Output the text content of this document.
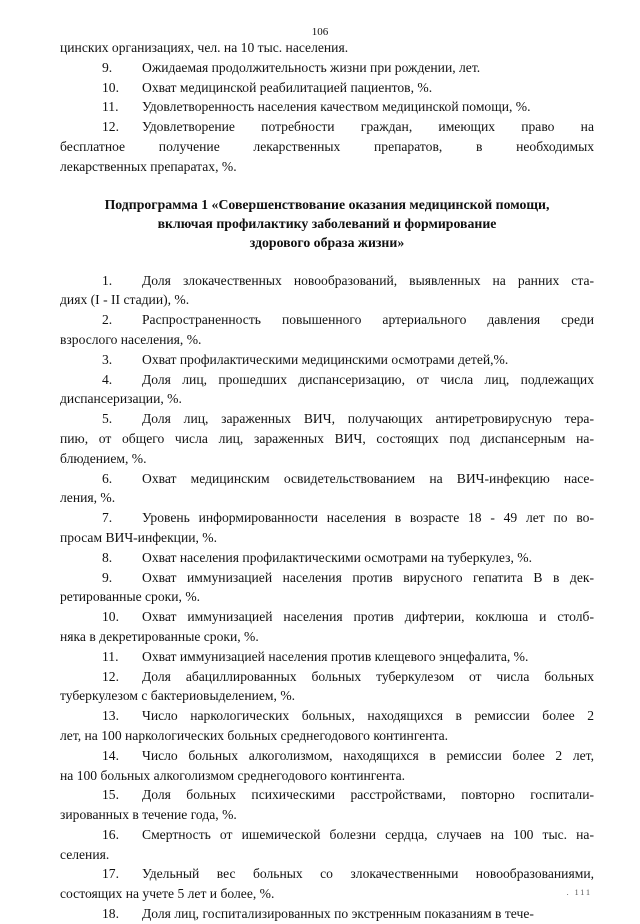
106
цинских организациях, чел. на 10 тыс. населения.
9. Ожидаемая продолжительность жизни при рождении, лет.
10. Охват медицинской реабилитацией пациентов, %.
11. Удовлетворенность населения качеством медицинской помощи, %.
12. Удовлетворение потребности граждан, имеющих право на
бесплатное получение лекарственных препаратов, в необходимых
лекарственных препаратах, %.
Подпрограмма 1 «Совершенствование оказания медицинской помощи,
включая профилактику заболеваний и формирование
здорового образа жизни»
1. Доля злокачественных новообразований, выявленных на ранних ста-
диях (I - II стадии), %.
2. Распространенность повышенного артериального давления среди
взрослого населения, %.
3. Охват профилактическими медицинскими осмотрами детей,%.
4. Доля лиц, прошедших диспансеризацию, от числа лиц, подлежащих
диспансеризации, %.
5. Доля лиц, зараженных ВИЧ, получающих антиретровирусную тера-
пию, от общего числа лиц, зараженных ВИЧ, состоящих под диспансерным на-
блюдением, %.
6. Охват медицинским освидетельствованием на ВИЧ-инфекцию насе-
ления, %.
7. Уровень информированности населения в возрасте 18 - 49 лет по во-
просам ВИЧ-инфекции, %.
8. Охват населения профилактическими осмотрами на туберкулез, %.
9. Охват иммунизацией населения против вирусного гепатита В в дек-
ретированные сроки, %.
10. Охват иммунизацией населения против дифтерии, коклюша и столб-
няка в декретированные сроки, %.
11. Охват иммунизацией населения против клещевого энцефалита, %.
12. Доля абациллированных больных туберкулезом от числа больных
туберкулезом с бактериовыделением, %.
13. Число наркологических больных, находящихся в ремиссии более 2
лет, на 100 наркологических больных среднегодового контингента.
14. Число больных алкоголизмом, находящихся в ремиссии более 2 лет,
на 100 больных алкоголизмом среднегодового контингента.
15. Доля больных психическими расстройствами, повторно госпитали-
зированных в течение года, %.
16. Смертность от ишемической болезни сердца, случаев на 100 тыс. на-
селения.
17. Удельный вес больных со злокачественными новообразованиями,
состоящих на учете 5 лет и более, %.
18. Доля лиц, госпитализированных по экстренным показаниям в тече-
. 111
